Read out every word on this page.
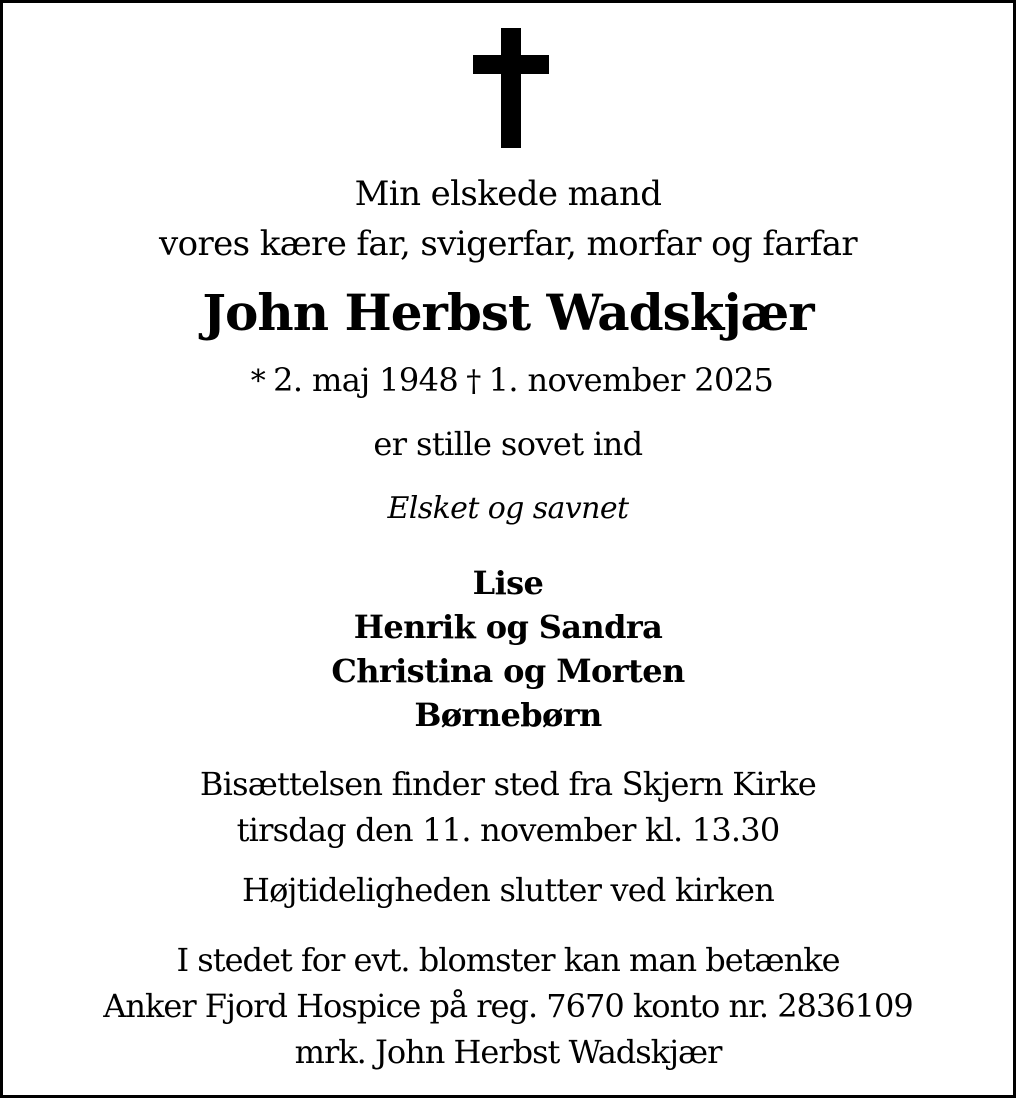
Min elskede mand
vores kære far, svigerfar, morfar og farfar
John Herbst Wadskjær
* 2. maj 1948 † 1. november 2025
er stille sovet ind
Elsket og savnet
Lise
Henrik og Sandra
Christina og Morten
Børnebørn
Bisættelsen finder sted fra Skjern Kirke
tirsdag den 11. november kl. 13.30
Højtideligheden slutter ved kirken
I stedet for evt. blomster kan man betænke
Anker Fjord Hospice på reg. 7670 konto nr. 2836109
mrk. John Herbst Wadskjær
